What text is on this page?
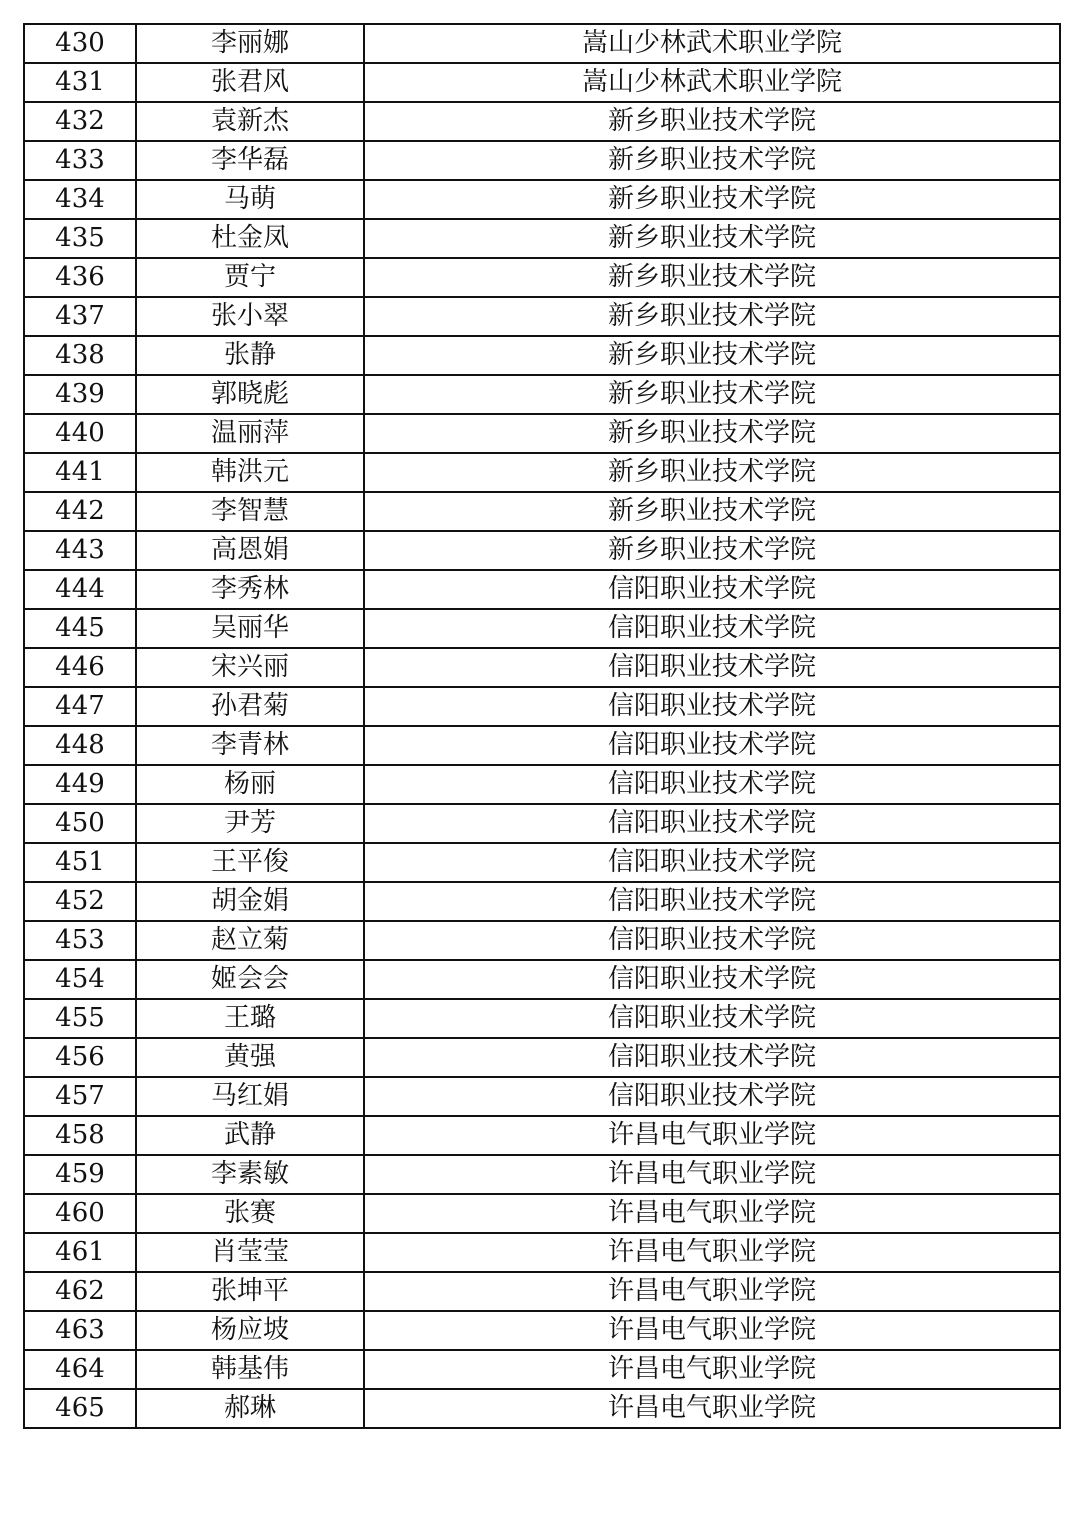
430	李丽娜	嵩山少林武术职业学院
431	张君风	嵩山少林武术职业学院
432	袁新杰	新乡职业技术学院
433	李华磊	新乡职业技术学院
434	马萌	新乡职业技术学院
435	杜金凤	新乡职业技术学院
436	贾宁	新乡职业技术学院
437	张小翠	新乡职业技术学院
438	张静	新乡职业技术学院
439	郭晓彪	新乡职业技术学院
440	温丽萍	新乡职业技术学院
441	韩洪元	新乡职业技术学院
442	李智慧	新乡职业技术学院
443	高恩娟	新乡职业技术学院
444	李秀林	信阳职业技术学院
445	吴丽华	信阳职业技术学院
446	宋兴丽	信阳职业技术学院
447	孙君菊	信阳职业技术学院
448	李青林	信阳职业技术学院
449	杨丽	信阳职业技术学院
450	尹芳	信阳职业技术学院
451	王平俊	信阳职业技术学院
452	胡金娟	信阳职业技术学院
453	赵立菊	信阳职业技术学院
454	姬会会	信阳职业技术学院
455	王璐	信阳职业技术学院
456	黄强	信阳职业技术学院
457	马红娟	信阳职业技术学院
458	武静	许昌电气职业学院
459	李素敏	许昌电气职业学院
460	张赛	许昌电气职业学院
461	肖莹莹	许昌电气职业学院
462	张坤平	许昌电气职业学院
463	杨应坡	许昌电气职业学院
464	韩基伟	许昌电气职业学院
465	郝琳	许昌电气职业学院
